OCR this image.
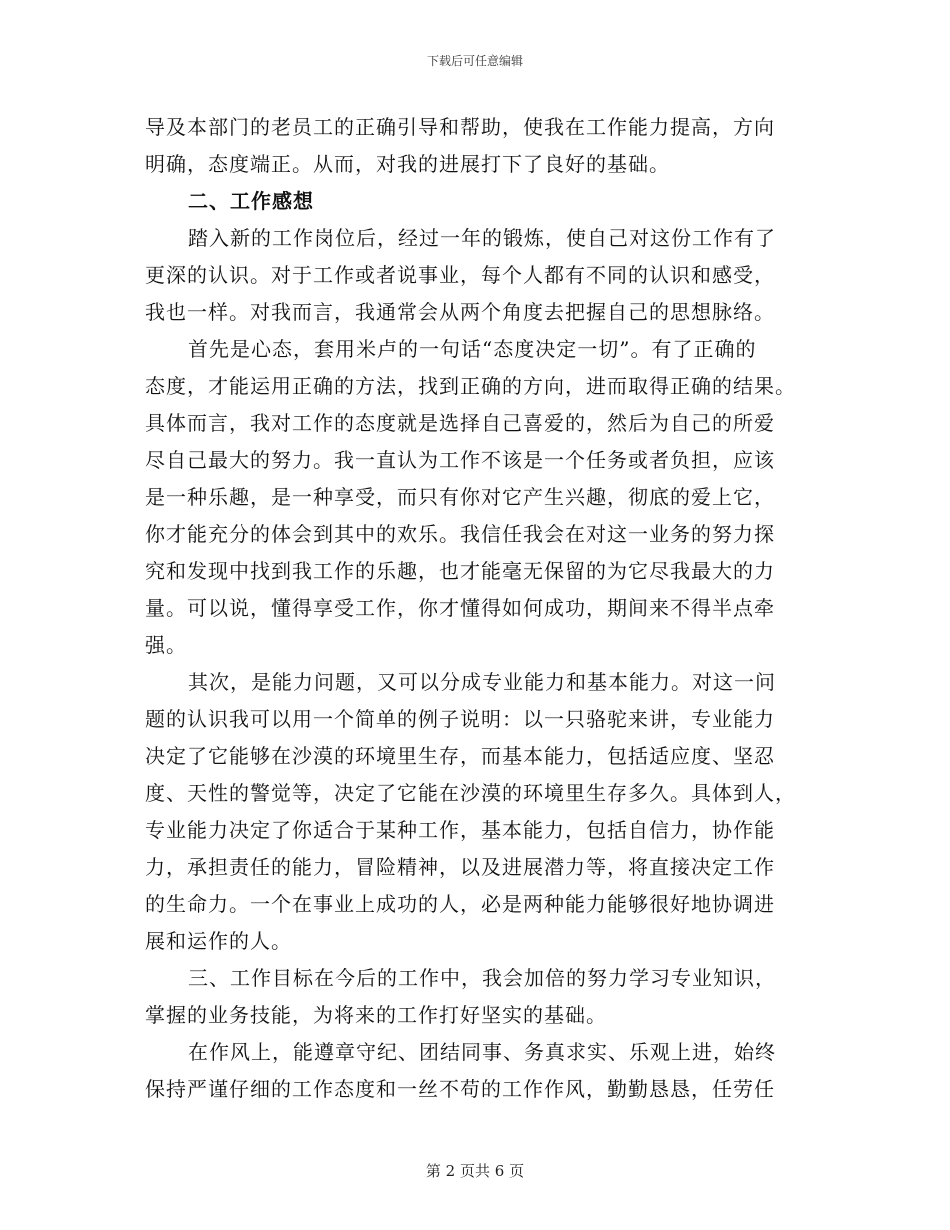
下载后可任意编辑
导及本部门的老员工的正确引导和帮助，使我在工作能力提高，方向
明确，态度端正。从而，对我的进展打下了良好的基础。
二、工作感想
踏入新的工作岗位后，经过一年的锻炼，使自己对这份工作有了
更深的认识。对于工作或者说事业，每个人都有不同的认识和感受，
我也一样。对我而言，我通常会从两个角度去把握自己的思想脉络。
首先是心态，套用米卢的一句话“态度决定一切”。有了正确的
态度，才能运用正确的方法，找到正确的方向，进而取得正确的结果。
具体而言，我对工作的态度就是选择自己喜爱的，然后为自己的所爱
尽自己最大的努力。我一直认为工作不该是一个任务或者负担，应该
是一种乐趣，是一种享受，而只有你对它产生兴趣，彻底的爱上它，
你才能充分的体会到其中的欢乐。我信任我会在对这一业务的努力探
究和发现中找到我工作的乐趣，也才能毫无保留的为它尽我最大的力
量。可以说，懂得享受工作，你才懂得如何成功，期间来不得半点牵
强。
其次，是能力问题，又可以分成专业能力和基本能力。对这一问
题的认识我可以用一个简单的例子说明：以一只骆驼来讲，专业能力
决定了它能够在沙漠的环境里生存，而基本能力，包括适应度、坚忍
度、天性的警觉等，决定了它能在沙漠的环境里生存多久。具体到人，
专业能力决定了你适合于某种工作，基本能力，包括自信力，协作能
力，承担责任的能力，冒险精神，以及进展潜力等，将直接决定工作
的生命力。一个在事业上成功的人，必是两种能力能够很好地协调进
展和运作的人。
三、工作目标在今后的工作中，我会加倍的努力学习专业知识，
掌握的业务技能，为将来的工作打好坚实的基础。
在作风上，能遵章守纪、团结同事、务真求实、乐观上进，始终
保持严谨仔细的工作态度和一丝不苟的工作作风，勤勤恳恳，任劳任
第 2 页共 6 页
